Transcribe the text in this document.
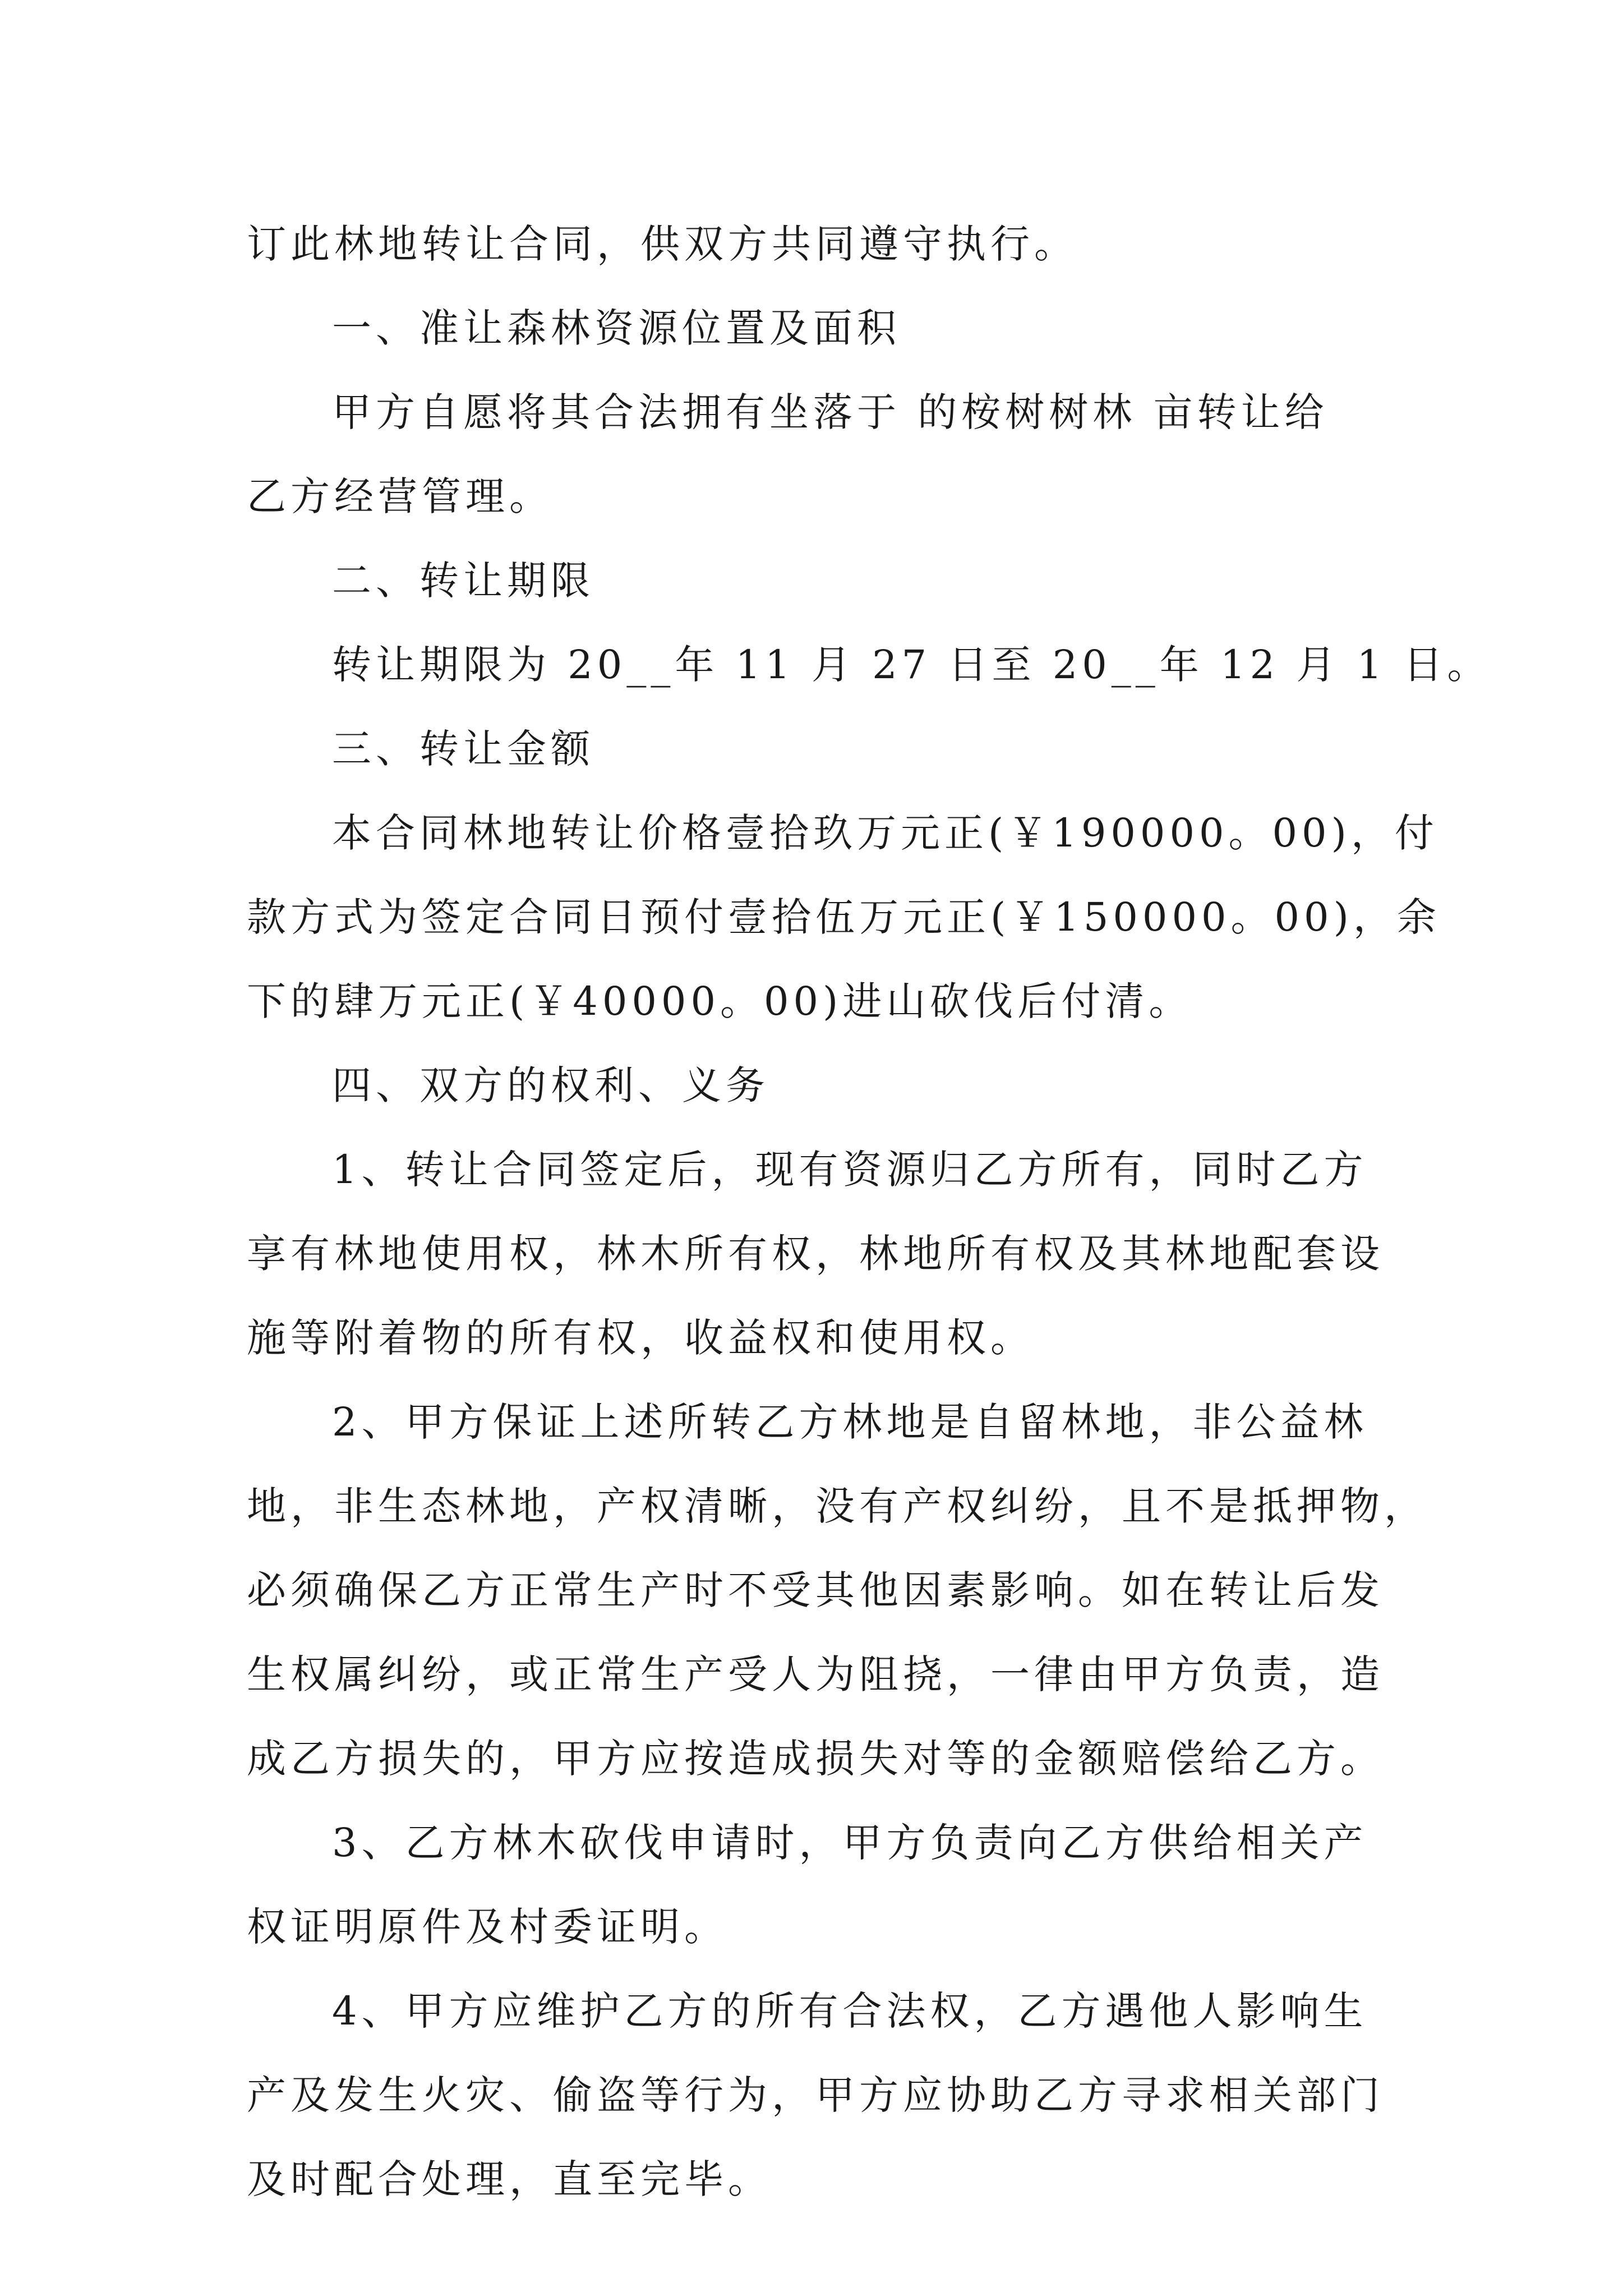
订此林地转让合同，供双方共同遵守执行。
一、准让森林资源位置及面积
甲方自愿将其合法拥有坐落于 的桉树树林 亩转让给
乙方经营管理。
二、转让期限
转让期限为 20__年 11 月 27 日至 20__年 12 月 1 日。
三、转让金额
本合同林地转让价格壹拾玖万元正(￥190000。00)，付
款方式为签定合同日预付壹拾伍万元正(￥150000。00)，余
下的肆万元正(￥40000。00)进山砍伐后付清。
四、双方的权利、义务
1、转让合同签定后，现有资源归乙方所有，同时乙方
享有林地使用权，林木所有权，林地所有权及其林地配套设
施等附着物的所有权，收益权和使用权。
2、甲方保证上述所转乙方林地是自留林地，非公益林
地，非生态林地，产权清晰，没有产权纠纷，且不是抵押物，
必须确保乙方正常生产时不受其他因素影响。如在转让后发
生权属纠纷，或正常生产受人为阻挠，一律由甲方负责，造
成乙方损失的，甲方应按造成损失对等的金额赔偿给乙方。
3、乙方林木砍伐申请时，甲方负责向乙方供给相关产
权证明原件及村委证明。
4、甲方应维护乙方的所有合法权，乙方遇他人影响生
产及发生火灾、偷盗等行为，甲方应协助乙方寻求相关部门
及时配合处理，直至完毕。
